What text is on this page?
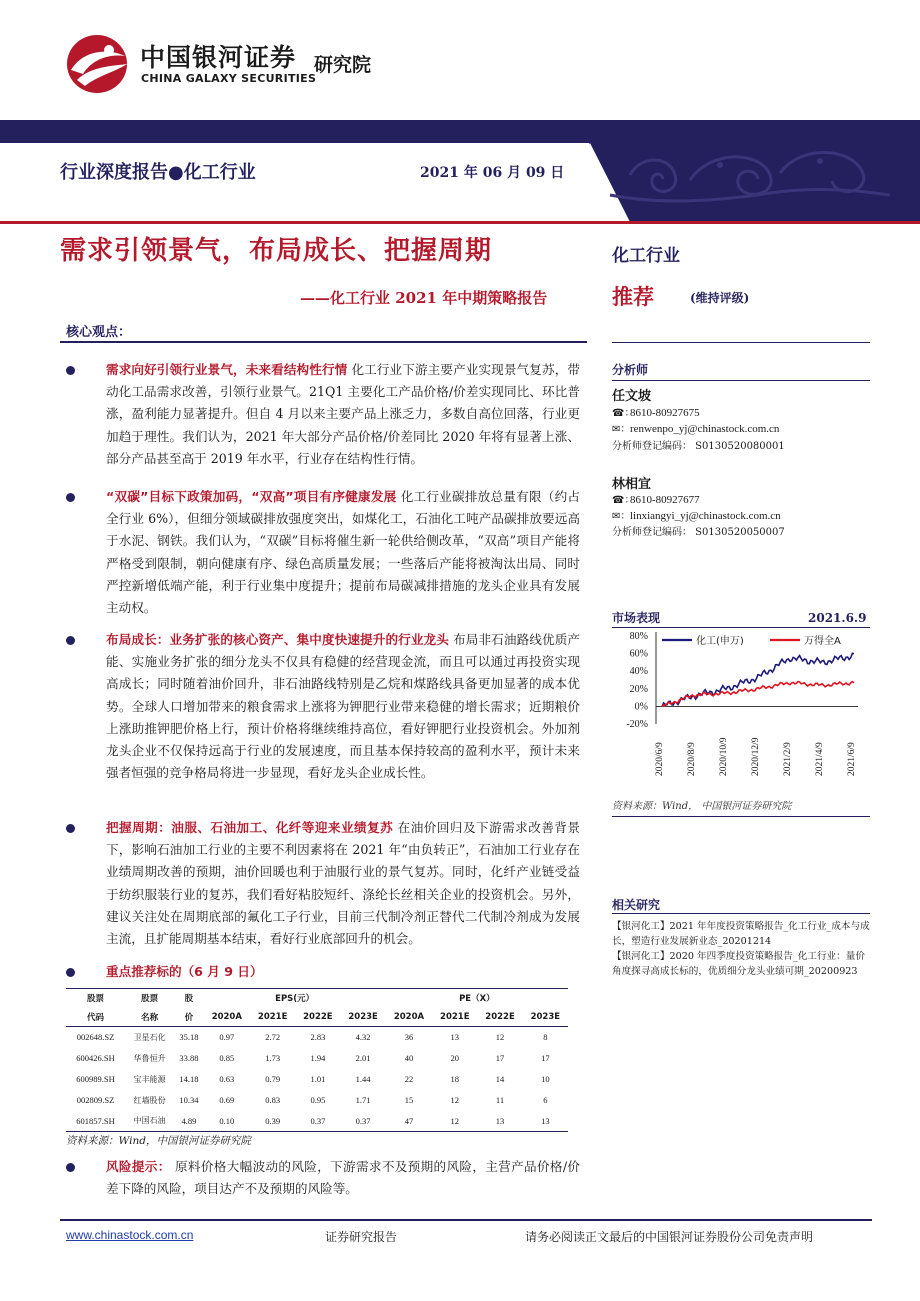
中国银河证券
CHINA GALAXY SECURITIES
研究院
行业深度报告●化工行业	2021 年 06 月 09 日
需求引领景气，布局成长、把握周期
——化工行业 2021 年中期策略报告
化工行业
推荐	(维持评级)
核心观点：

需求向好引领行业景气，未来看结构性行情 化工行业下游主要产业实现景气复苏，带动化工品需求改善，引领行业景气。21Q1 主要化工产品价格/价差实现同比、环比普涨，盈利能力显著提升。但自 4 月以来主要产品上涨乏力，多数自高位回落，行业更加趋于理性。我们认为，2021 年大部分产品价格/价差同比 2020 年将有显著上涨、部分产品甚至高于 2019 年水平，行业存在结构性行情。

“双碳”目标下政策加码，“双高”项目有序健康发展 化工行业碳排放总量有限（约占全行业 6%），但细分领域碳排放强度突出，如煤化工，石油化工吨产品碳排放要远高于水泥、钢铁。我们认为，“双碳”目标将催生新一轮供给侧改革，“双高”项目产能将严格受到限制，朝向健康有序、绿色高质量发展；一些落后产能将被淘汰出局、同时严控新增低端产能，利于行业集中度提升；提前布局碳减排措施的龙头企业具有发展主动权。

布局成长：业务扩张的核心资产、集中度快速提升的行业龙头 布局非石油路线优质产能、实施业务扩张的细分龙头不仅具有稳健的经营现金流，而且可以通过再投资实现高成长；同时随着油价回升，非石油路线特别是乙烷和煤路线具备更加显著的成本优势。全球人口增加带来的粮食需求上涨将为钾肥行业带来稳健的增长需求；近期粮价上涨助推钾肥价格上行，预计价格将继续维持高位，看好钾肥行业投资机会。外加剂龙头企业不仅保持远高于行业的发展速度，而且基本保持较高的盈利水平，预计未来强者恒强的竞争格局将进一步显现，看好龙头企业成长性。

把握周期：油服、石油加工、化纤等迎来业绩复苏 在油价回归及下游需求改善背景下，影响石油加工行业的主要不利因素将在 2021 年“由负转正”，石油加工行业存在业绩周期改善的预期，油价回暖也利于油服行业的景气复苏。同时，化纤产业链受益于纺织服装行业的复苏，我们看好粘胶短纤、涤纶长丝相关企业的投资机会。另外，建议关注处在周期底部的氟化工子行业，目前三代制冷剂正替代二代制冷剂成为发展主流，且扩能周期基本结束，看好行业底部回升的机会。

重点推荐标的（6 月 9 日）

股票	股票	股	EPS(元）				PE（X）			
代码	名称	价	2020A	2021E	2022E	2023E	2020A	2021E	2022E	2023E
002648.SZ	卫星石化	35.18	0.97	2.72	2.83	4.32	36	13	12	8
600426.SH	华鲁恒升	33.88	0.85	1.73	1.94	2.01	40	20	17	17
600989.SH	宝丰能源	14.18	0.63	0.79	1.01	1.44	22	18	14	10
002809.SZ	红墙股份	10.34	0.69	0.83	0.95	1.71	15	12	11	6
601857.SH	中国石油	4.89	0.10	0.39	0.37	0.37	47	12	13	13
资料来源：Wind，中国银河证券研究院

风险提示： 原料价格大幅波动的风险，下游需求不及预期的风险，主营产品价格/价差下降的风险，项目达产不及预期的风险等。

分析师
任文坡
☎：8610-80927675
✉：renwenpo_yj@chinastock.com.cn
分析师登记编码： S0130520080001
林相宜
☎：8610-80927677
✉：linxiangyi_yj@chinastock.com.cn
分析师登记编码： S0130520050007
市场表现	2021.6.9
80%
60%
40%
20%
0%
-20%
2020/6/9 2020/8/9 2020/10/9 2020/12/9 2021/2/9 2021/4/9 2021/6/9
化工(申万)	万得全A
资料来源：Wind， 中国银河证券研究院
相关研究
【银河化工】2021 年年度投资策略报告_化工行业_成本与成长，塑造行业发展新业态_20201214
【银河化工】2020 年四季度投资策略报告_化工行业：量价角度探寻高成长标的，优质细分龙头业绩可期_20200923
www.chinastock.com.cn	证券研究报告	请务必阅读正文最后的中国银河证券股份公司免责声明
